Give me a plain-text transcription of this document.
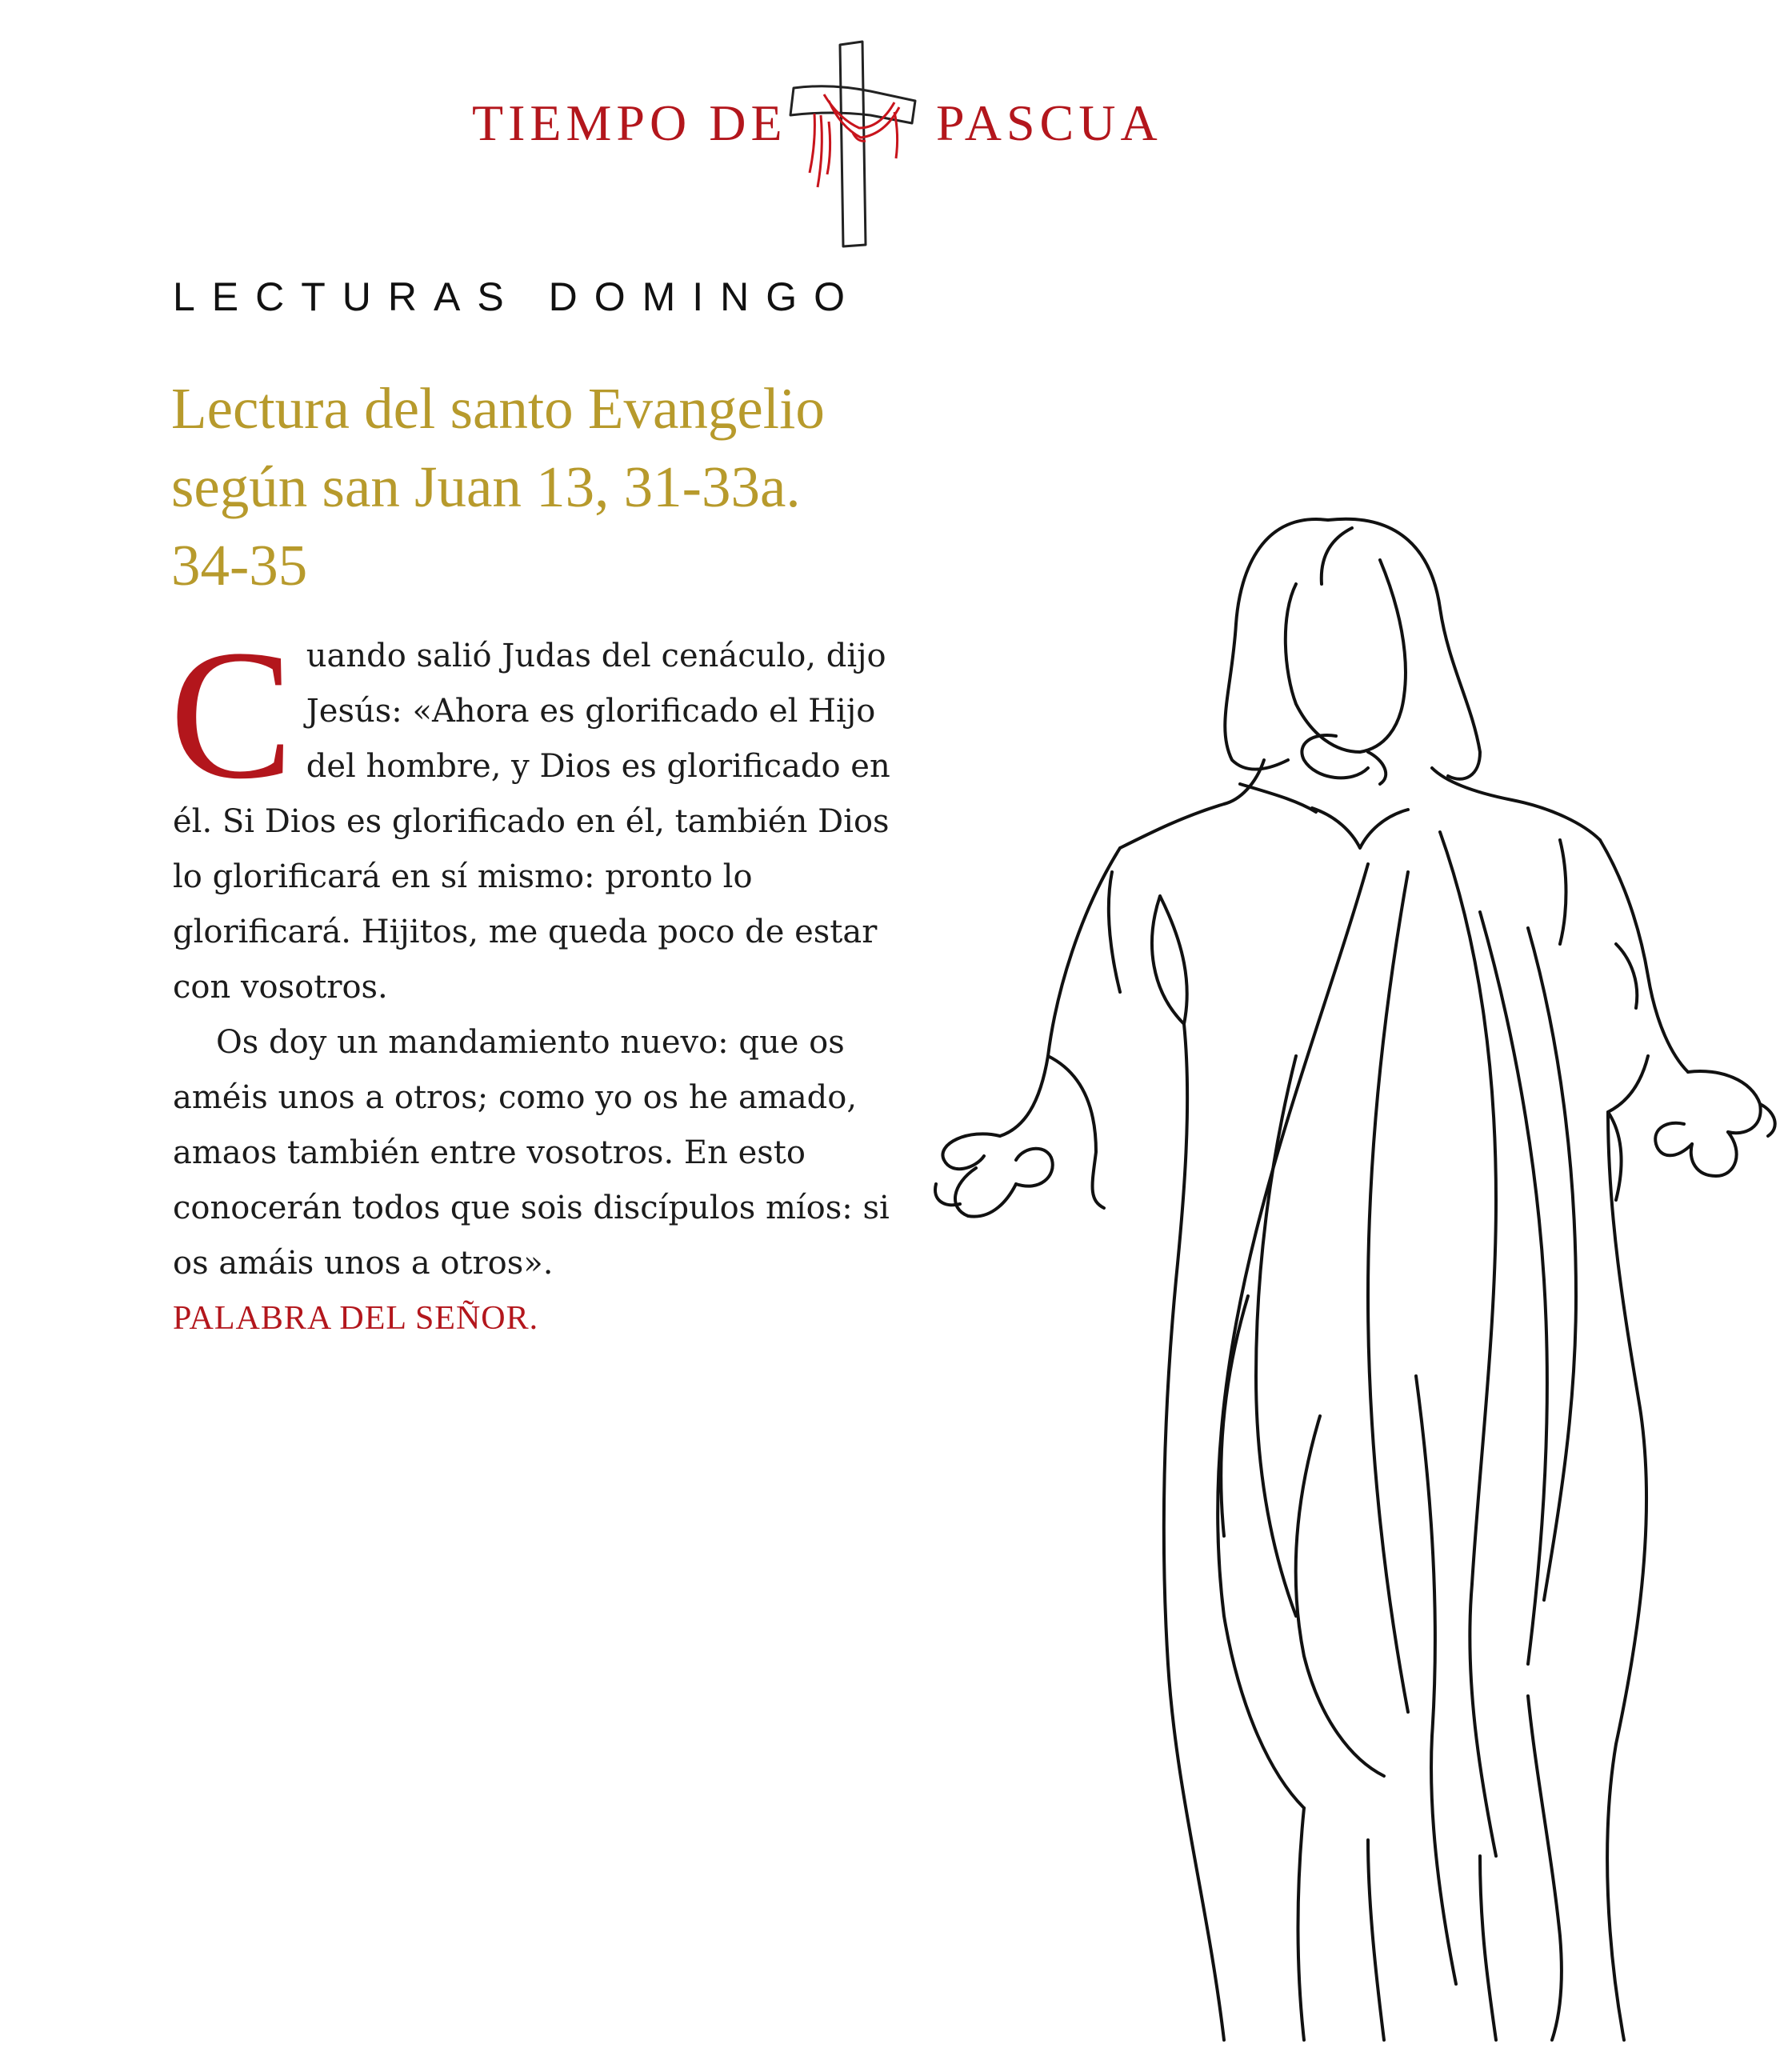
TIEMPO DE	PASCUA
LECTURAS DOMINGO
Lectura del santo Evangelio
según san Juan 13, 31-33a.
34-35

Cuando salió Judas del cenáculo, dijo Jesús: «Ahora es glorificado el Hijo del hombre, y Dios es glorificado en él. Si Dios es glorificado en él, también Dios lo glorificará en sí mismo: pronto lo glorificará. Hijitos, me queda poco de estar con vosotros.

Os doy un mandamiento nuevo: que os améis unos a otros; como yo os he amado, amaos también entre vosotros. En esto conocerán todos que sois discípulos míos: si os amáis unos a otros».

PALABRA DEL SEÑOR.
